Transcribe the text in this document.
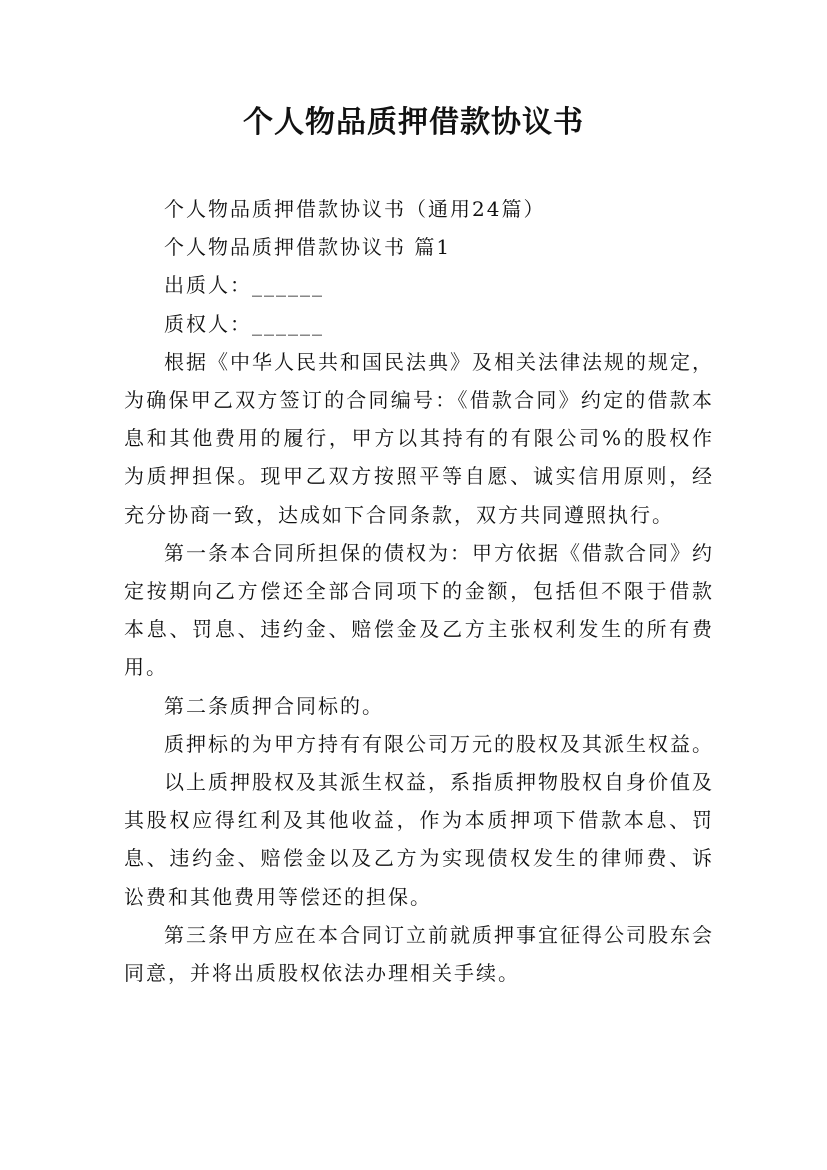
个人物品质押借款协议书

个人物品质押借款协议书（通用24篇）

个人物品质押借款协议书 篇1

出质人：______

质权人：______

根据《中华人民共和国民法典》及相关法律法规的规定，为确保甲乙双方签订的合同编号：《借款合同》约定的借款本息和其他费用的履行，甲方以其持有的有限公司%的股权作为质押担保。现甲乙双方按照平等自愿、诚实信用原则，经充分协商一致，达成如下合同条款，双方共同遵照执行。

第一条本合同所担保的债权为：甲方依据《借款合同》约定按期向乙方偿还全部合同项下的金额，包括但不限于借款本息、罚息、违约金、赔偿金及乙方主张权利发生的所有费用。

第二条质押合同标的。

质押标的为甲方持有有限公司万元的股权及其派生权益。

以上质押股权及其派生权益，系指质押物股权自身价值及其股权应得红利及其他收益，作为本质押项下借款本息、罚息、违约金、赔偿金以及乙方为实现债权发生的律师费、诉讼费和其他费用等偿还的担保。

第三条甲方应在本合同订立前就质押事宜征得公司股东会同意，并将出质股权依法办理相关手续。
